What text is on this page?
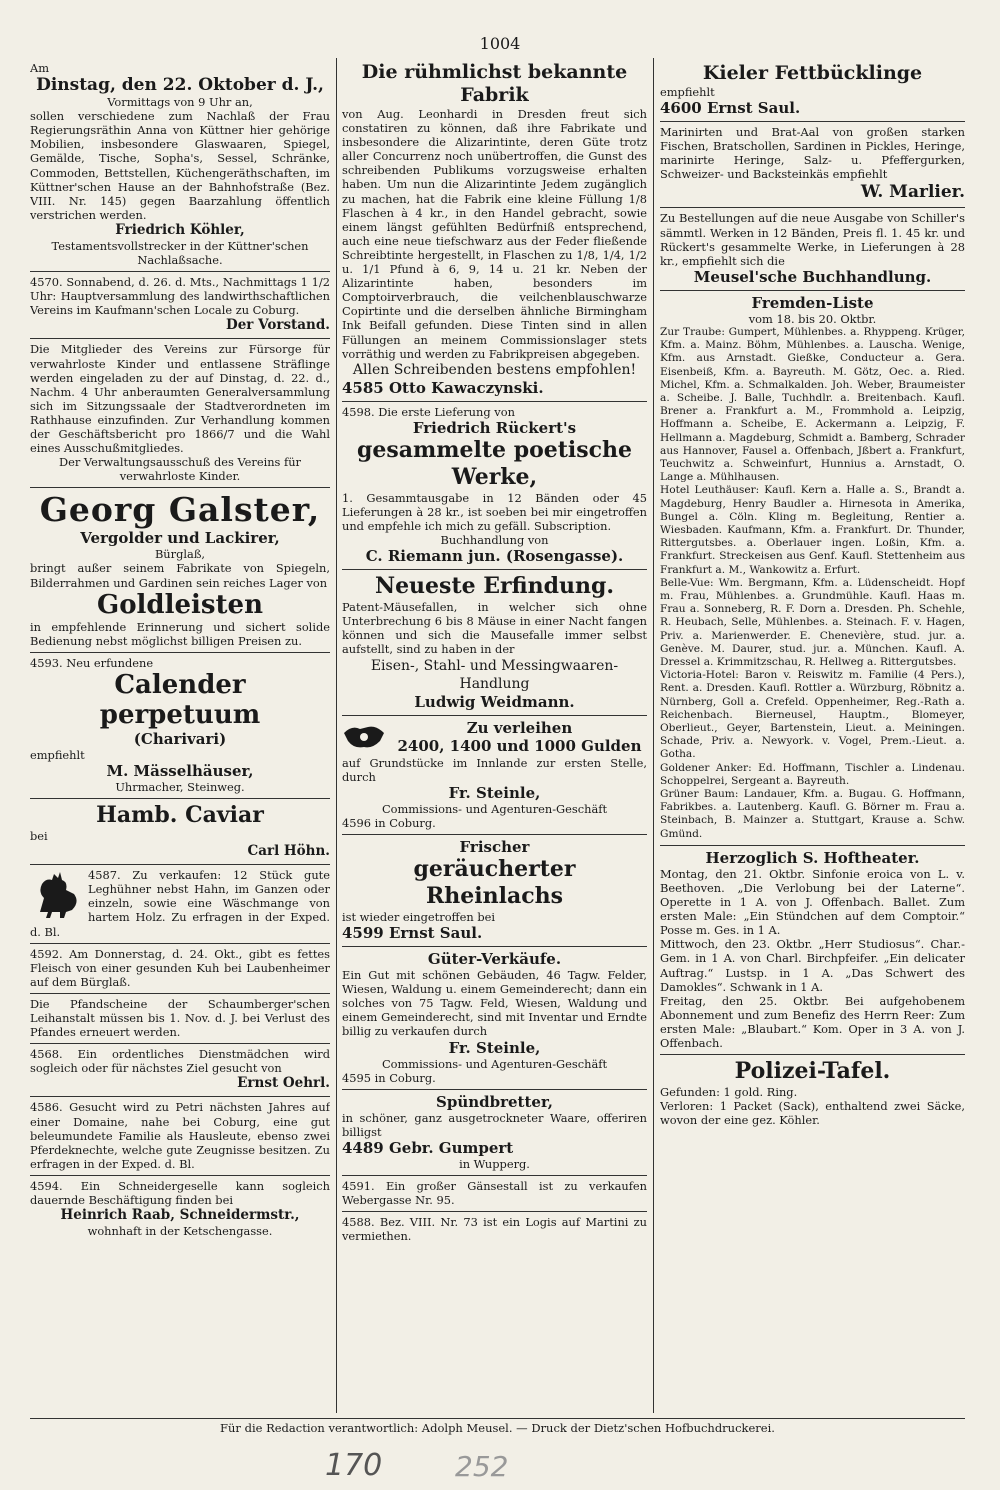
1004

Am

Dinstag, den 22. Oktober d. J.,

Vormittags von 9 Uhr an,

sollen verschiedene zum Nachlaß der Frau Regierungsräthin Anna von Küttner hier gehörige Mobilien, insbesondere Glaswaaren, Spiegel, Gemälde, Tische, Sopha's, Sessel, Schränke, Commoden, Bettstellen, Küchengeräthschaften, im Küttner'schen Hause an der Bahnhofstraße (Bez. VIII. Nr. 145) gegen Baarzahlung öffentlich verstrichen werden.

Friedrich Köhler,

Testamentsvollstrecker in der Küttner'schen Nachlaßsache.

4570. Sonnabend, d. 26. d. Mts., Nachmittags 1 1/2 Uhr: Hauptversammlung des landwirthschaftlichen Vereins im Kaufmann'schen Locale zu Coburg.

Der Vorstand.

Die Mitglieder des Vereins zur Fürsorge für verwahrloste Kinder und entlassene Sträflinge werden eingeladen zu der auf Dinstag, d. 22. d., Nachm. 4 Uhr anberaumten Generalversammlung sich im Sitzungssaale der Stadtverordneten im Rathhause einzufinden. Zur Verhandlung kommen der Geschäftsbericht pro 1866/7 und die Wahl eines Ausschußmitgliedes.

Der Verwaltungsausschuß des Vereins für verwahrloste Kinder.

Georg Galster,

Vergolder und Lackirer,

Bürglaß,

bringt außer seinem Fabrikate von Spiegeln, Bilderrahmen und Gardinen sein reiches Lager von

Goldleisten

in empfehlende Erinnerung und sichert solide Bedienung nebst möglichst billigen Preisen zu.

4593. Neu erfundene

Calender perpetuum

(Charivari)

empfiehlt

M. Mässelhäuser,

Uhrmacher, Steinweg.

Hamb. Caviar

bei

Carl Höhn.

4587. Zu verkaufen: 12 Stück gute Leghühner nebst Hahn, im Ganzen oder einzeln, sowie eine Wäschmange von hartem Holz. Zu erfragen in der Exped. d. Bl.

4592. Am Donnerstag, d. 24. Okt., gibt es fettes Fleisch von einer gesunden Kuh bei Laubenheimer auf dem Bürglaß.

Die Pfandscheine der Schaumberger'schen Leihanstalt müssen bis 1. Nov. d. J. bei Verlust des Pfandes erneuert werden.

4568. Ein ordentliches Dienstmädchen wird sogleich oder für nächstes Ziel gesucht von

Ernst Oehrl.

4586. Gesucht wird zu Petri nächsten Jahres auf einer Domaine, nahe bei Coburg, eine gut beleumundete Familie als Hausleute, ebenso zwei Pferdeknechte, welche gute Zeugnisse besitzen. Zu erfragen in der Exped. d. Bl.

4594. Ein Schneidergeselle kann sogleich dauernde Beschäftigung finden bei

Heinrich Raab, Schneidermstr.,

wohnhaft in der Ketschengasse.

Die rühmlichst bekannte Fabrik

von Aug. Leonhardi in Dresden freut sich constatiren zu können, daß ihre Fabrikate und insbesondere die Alizarintinte, deren Güte trotz aller Concurrenz noch unübertroffen, die Gunst des schreibenden Publikums vorzugsweise erhalten haben. Um nun die Alizarintinte Jedem zugänglich zu machen, hat die Fabrik eine kleine Füllung 1/8 Flaschen à 4 kr., in den Handel gebracht, sowie einem längst gefühlten Bedürfniß entsprechend, auch eine neue tiefschwarz aus der Feder fließende Schreibtinte hergestellt, in Flaschen zu 1/8, 1/4, 1/2 u. 1/1 Pfund à 6, 9, 14 u. 21 kr. Neben der Alizarintinte haben, besonders im Comptoirverbrauch, die veilchenblauschwarze Copirtinte und die derselben ähnliche Birmingham Ink Beifall gefunden. Diese Tinten sind in allen Füllungen an meinem Commissionslager stets vorräthig und werden zu Fabrikpreisen abgegeben.

Allen Schreibenden bestens empfohlen!

4585 Otto Kawaczynski.

4598. Die erste Lieferung von

Friedrich Rückert's

gesammelte poetische Werke,

1. Gesammtausgabe in 12 Bänden oder 45 Lieferungen à 28 kr., ist soeben bei mir eingetroffen und empfehle ich mich zu gefäll. Subscription.

Buchhandlung von

C. Riemann jun. (Rosengasse).

Neueste Erfindung.

Patent-Mäusefallen, in welcher sich ohne Unterbrechung 6 bis 8 Mäuse in einer Nacht fangen können und sich die Mausefalle immer selbst aufstellt, sind zu haben in der

Eisen-, Stahl- und Messingwaaren-Handlung

Ludwig Weidmann.

Zu verleihen

2400, 1400 und 1000 Gulden

auf Grundstücke im Innlande zur ersten Stelle, durch

Fr. Steinle,

Commissions- und Agenturen-Geschäft

4596 in Coburg.

Frischer

geräucherter Rheinlachs

ist wieder eingetroffen bei

4599 Ernst Saul.

Güter-Verkäufe.

Ein Gut mit schönen Gebäuden, 46 Tagw. Felder, Wiesen, Waldung u. einem Gemeinderecht; dann ein solches von 75 Tagw. Feld, Wiesen, Waldung und einem Gemeinderecht, sind mit Inventar und Erndte billig zu verkaufen durch

Fr. Steinle,

Commissions- und Agenturen-Geschäft

4595 in Coburg.

Spündbretter,

in schöner, ganz ausgetrockneter Waare, offeriren billigst

4489 Gebr. Gumpert

in Wupperg.

4591. Ein großer Gänsestall ist zu verkaufen Webergasse Nr. 95.

4588. Bez. VIII. Nr. 73 ist ein Logis auf Martini zu vermiethen.

Kieler Fettbücklinge

empfiehlt

4600 Ernst Saul.

Marinirten und Brat-Aal von großen starken Fischen, Bratschollen, Sardinen in Pickles, Heringe, marinirte Heringe, Salz- u. Pfeffergurken, Schweizer- und Backsteinkäs empfiehlt

W. Marlier.

Zu Bestellungen auf die neue Ausgabe von Schiller's sämmtl. Werken in 12 Bänden, Preis fl. 1. 45 kr. und Rückert's gesammelte Werke, in Lieferungen à 28 kr., empfiehlt sich die

Meusel'sche Buchhandlung.

Fremden-Liste

vom 18. bis 20. Oktbr.

Zur Traube: Gumpert, Mühlenbes. a. Rhyppeng. Krüger, Kfm. a. Mainz. Böhm, Mühlenbes. a. Lauscha. Wenige, Kfm. aus Arnstadt. Gießke, Conducteur a. Gera. Eisenbeiß, Kfm. a. Bayreuth. M. Götz, Oec. a. Ried. Michel, Kfm. a. Schmalkalden. Joh. Weber, Braumeister a. Scheibe. J. Balle, Tuchhdlr. a. Breitenbach. Kaufl. Brener a. Frankfurt a. M., Frommhold a. Leipzig, Hoffmann a. Scheibe, E. Ackermann a. Leipzig, F. Hellmann a. Magdeburg, Schmidt a. Bamberg, Schrader aus Hannover, Fausel a. Offenbach, Jßbert a. Frankfurt, Teuchwitz a. Schweinfurt, Hunnius a. Arnstadt, O. Lange a. Mühlhausen.

Hotel Leuthäuser: Kaufl. Kern a. Halle a. S., Brandt a. Magdeburg, Henry Baudler a. Hirnesota in Amerika, Bungel a. Cöln. Kling m. Begleitung, Rentier a. Wiesbaden. Kaufmann, Kfm. a. Frankfurt. Dr. Thunder, Rittergutsbes. a. Oberlauer ingen. Loßin, Kfm. a. Frankfurt. Streckeisen aus Genf. Kaufl. Stettenheim aus Frankfurt a. M., Wankowitz a. Erfurt.

Belle-Vue: Wm. Bergmann, Kfm. a. Lüdenscheidt. Hopf m. Frau, Mühlenbes. a. Grundmühle. Kaufl. Haas m. Frau a. Sonneberg, R. F. Dorn a. Dresden. Ph. Schehle, R. Heubach, Selle, Mühlenbes. a. Steinach. F. v. Hagen, Priv. a. Marienwerder. E. Chenevière, stud. jur. a. Genève. M. Daurer, stud. jur. a. München. Kaufl. A. Dressel a. Krimmitzschau, R. Hellweg a. Rittergutsbes.

Victoria-Hotel: Baron v. Reiswitz m. Familie (4 Pers.), Rent. a. Dresden. Kaufl. Rottler a. Würzburg, Röbnitz a. Nürnberg, Goll a. Crefeld. Oppenheimer, Reg.-Rath a. Reichenbach. Bierneusel, Hauptm., Blomeyer, Oberlieut., Geyer, Bartenstein, Lieut. a. Meiningen. Schade, Priv. a. Newyork. v. Vogel, Prem.-Lieut. a. Gotha.

Goldener Anker: Ed. Hoffmann, Tischler a. Lindenau. Schoppelrei, Sergeant a. Bayreuth.

Grüner Baum: Landauer, Kfm. a. Bugau. G. Hoffmann, Fabrikbes. a. Lautenberg. Kaufl. G. Börner m. Frau a. Steinbach, B. Mainzer a. Stuttgart, Krause a. Schw. Gmünd.

Herzoglich S. Hoftheater.

Montag, den 21. Oktbr. Sinfonie eroica von L. v. Beethoven. „Die Verlobung bei der Laterne“. Operette in 1 A. von J. Offenbach. Ballet. Zum ersten Male: „Ein Stündchen auf dem Comptoir.“ Posse m. Ges. in 1 A.

Mittwoch, den 23. Oktbr. „Herr Studiosus“. Char.-Gem. in 1 A. von Charl. Birchpfeifer. „Ein delicater Auftrag.“ Lustsp. in 1 A. „Das Schwert des Damokles“. Schwank in 1 A.

Freitag, den 25. Oktbr. Bei aufgehobenem Abonnement und zum Benefiz des Herrn Reer: Zum ersten Male: „Blaubart.“ Kom. Oper in 3 A. von J. Offenbach.

Polizei-Tafel.

Gefunden: 1 gold. Ring.

Verloren: 1 Packet (Sack), enthaltend zwei Säcke, wovon der eine gez. Köhler.

Für die Redaction verantwortlich: Adolph Meusel. — Druck der Dietz'schen Hofbuchdruckerei.
170	252
